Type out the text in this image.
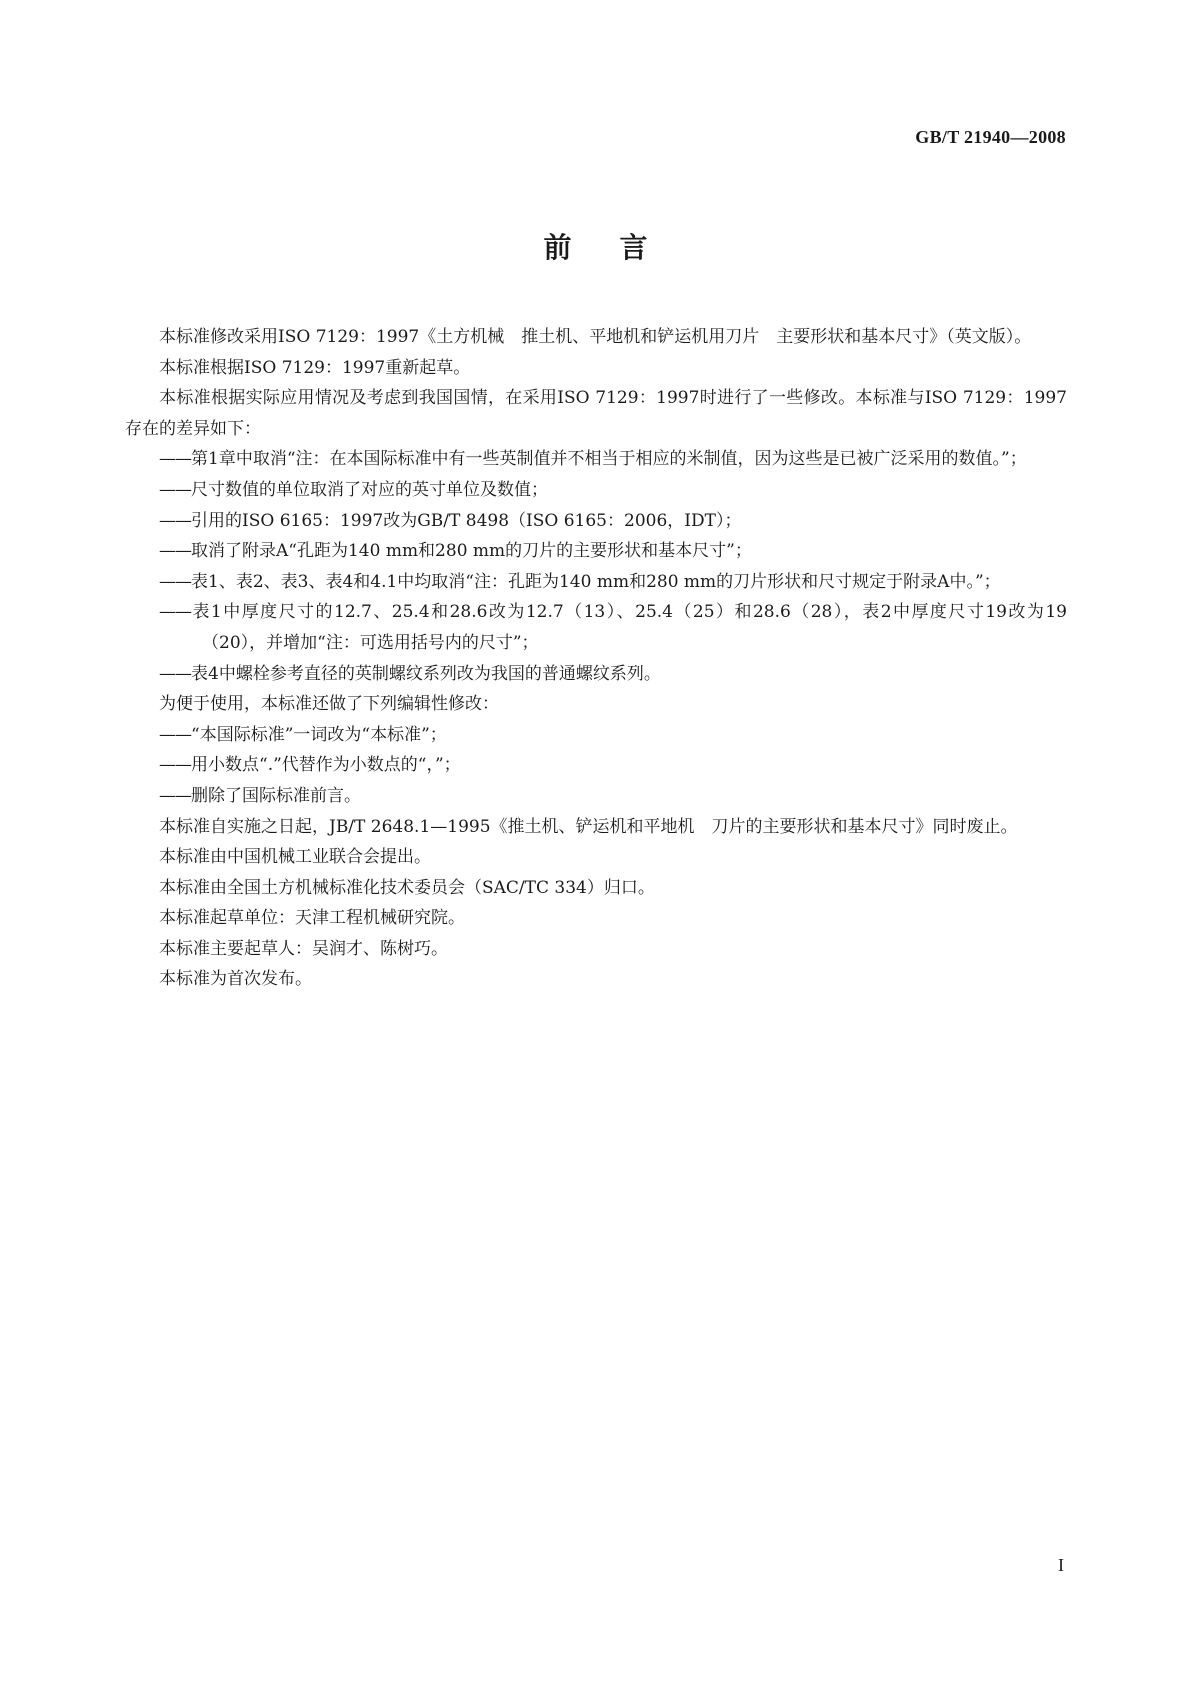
GB/T 21940—2008
前言

本标准修改采用ISO 7129：1997《土方机械　推土机、平地机和铲运机用刀片　主要形状和基本尺寸》（英文版）。

本标准根据ISO 7129：1997重新起草。

本标准根据实际应用情况及考虑到我国国情，在采用ISO 7129：1997时进行了一些修改。本标准与ISO 7129：1997存在的差异如下：

——第1章中取消“注：在本国际标准中有一些英制值并不相当于相应的米制值，因为这些是已被广泛采用的数值。”；

——尺寸数值的单位取消了对应的英寸单位及数值；

——引用的ISO 6165：1997改为GB/T 8498（ISO 6165：2006，IDT）；

——取消了附录A“孔距为140 mm和280 mm的刀片的主要形状和基本尺寸”；

——表1、表2、表3、表4和4.1中均取消“注：孔距为140 mm和280 mm的刀片形状和尺寸规定于附录A中。”；

——表1中厚度尺寸的12.7、25.4和28.6改为12.7（13）、25.4（25）和28.6（28），表2中厚度尺寸19改为19（20），并增加“注：可选用括号内的尺寸”；

——表4中螺栓参考直径的英制螺纹系列改为我国的普通螺纹系列。

为便于使用，本标准还做了下列编辑性修改：

——“本国际标准”一词改为“本标准”；

——用小数点“.”代替作为小数点的“，”；

——删除了国际标准前言。

本标准自实施之日起，JB/T 2648.1—1995《推土机、铲运机和平地机　刀片的主要形状和基本尺寸》同时废止。

本标准由中国机械工业联合会提出。

本标准由全国土方机械标准化技术委员会（SAC/TC 334）归口。

本标准起草单位：天津工程机械研究院。

本标准主要起草人：吴润才、陈树巧。

本标准为首次发布。

I
